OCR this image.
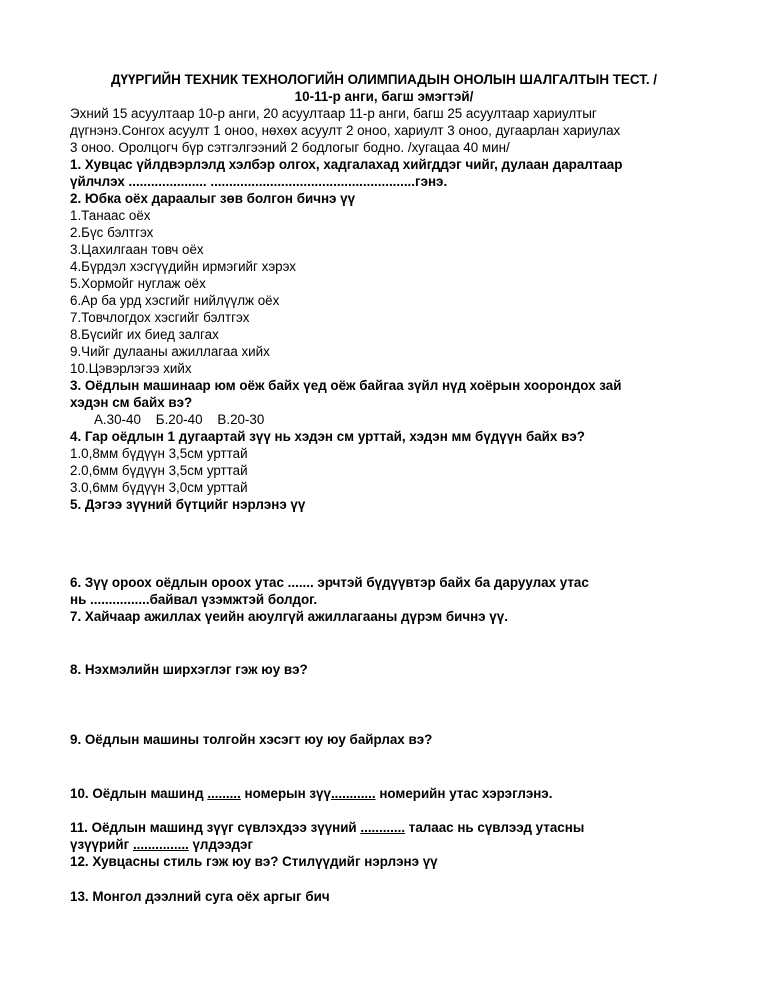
ДҮҮРГИЙН ТЕХНИК ТЕХНОЛОГИЙН ОЛИМПИАДЫН ОНОЛЫН ШАЛГАЛТЫН ТЕСТ. /
10-11-р анги, багш эмэгтэй/
Эхний 15 асуултаар 10-р анги, 20 асуултаар 11-р анги, багш 25 асуултаар хариултыг
дүгнэнэ.Сонгох асуулт 1 оноо, нөхөх асуулт 2 оноо, хариулт 3 оноо, дугаарлан хариулах
3 оноо. Оролцогч бүр сэтгэлгээний 2 бодлогыг бодно. /хугацаа 40 мин/
1. Хувцас үйлдвэрлэлд хэлбэр олгох, хадгалахад хийгддэг чийг, дулаан даралтаар
үйлчлэх ..................... .......................................................гэнэ.
2. Юбка оёх дараалыг зөв болгон бичнэ үү
1.Танаас оёх
2.Бүс бэлтгэх
3.Цахилгаан товч оёх
4.Бүрдэл хэсгүүдийн ирмэгийг хэрэх
5.Хормойг нуглаж оёх
6.Ар ба урд хэсгийг нийлүүлж оёх
7.Товчлогдох хэсгийг бэлтгэх
8.Бүсийг их биед залгах
9.Чийг дулааны ажиллагаа хийх
10.Цэвэрлэгээ хийх
3. Оёдлын машинаар юм оёж байх үед оёж байгаа зүйл нүд хоёрын хоорондох зай
хэдэн см байх вэ?
А.30-40    Б.20-40    В.20-30
4. Гар оёдлын 1 дугаартай зүү нь хэдэн см урттай, хэдэн мм бүдүүн байх вэ?
1.0,8мм бүдүүн 3,5см урттай
2.0,6мм бүдүүн 3,5см урттай
3.0,6мм бүдүүн 3,0см урттай
5. Дэгээ зүүний бүтцийг нэрлэнэ үү
6. Зүү ороох оёдлын ороох утас ....... эрчтэй бүдүүвтэр байх ба даруулах утас
нь ................байвал үзэмжтэй болдог.
7. Хайчаар ажиллах үеийн аюулгүй ажиллагааны дүрэм бичнэ үү.
8. Нэхмэлийн ширхэглэг гэж юу вэ?
9. Оёдлын машины толгойн хэсэгт юу юу байрлах вэ?
10. Оёдлын машинд ......... номерын зүү............ номерийн утас хэрэглэнэ.
11. Оёдлын машинд зүүг сүвлэхдээ зүүний ............ талаас нь сүвлээд утасны
үзүүрийг ............... үлдээдэг
12. Хувцасны стиль гэж юу вэ? Стилүүдийг нэрлэнэ үү
13. Монгол дээлний суга оёх аргыг бич
